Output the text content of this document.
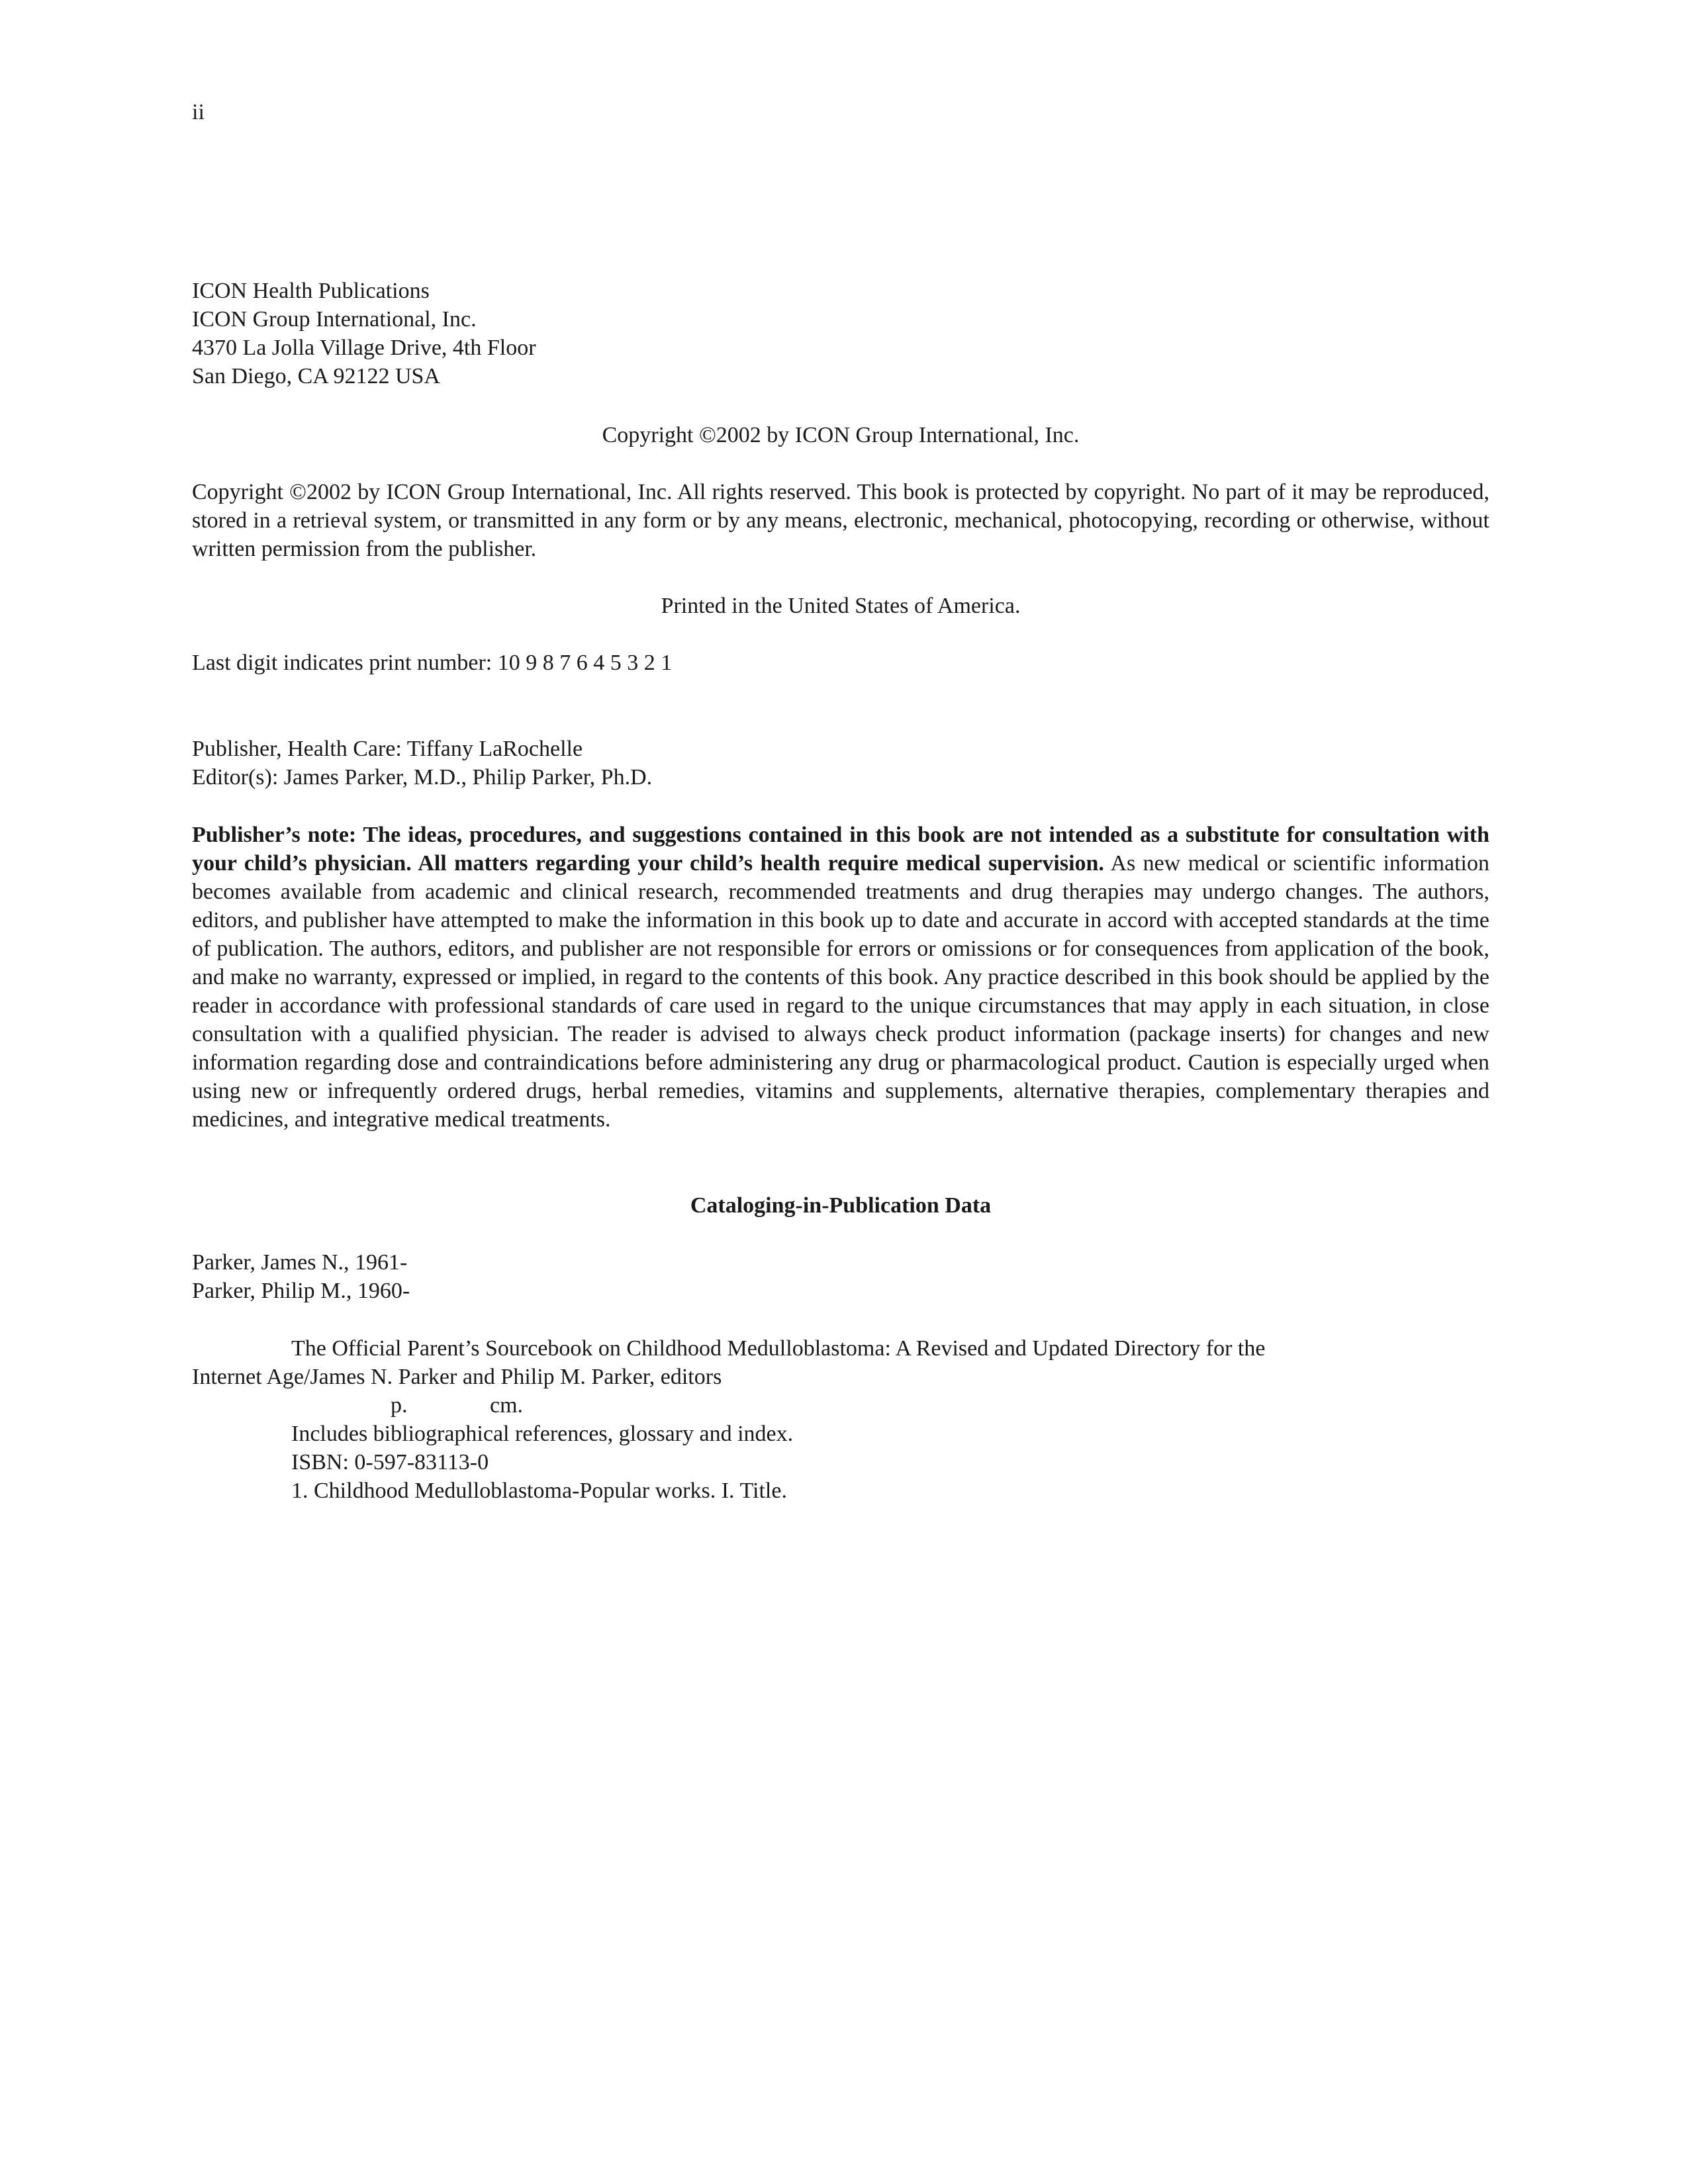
ii
ICON Health Publications
ICON Group International, Inc.
4370 La Jolla Village Drive, 4th Floor
San Diego, CA 92122 USA
Copyright ©2002 by ICON Group International, Inc.
Copyright ©2002 by ICON Group International, Inc. All rights reserved. This book is protected by copyright. No part of it may be reproduced, stored in a retrieval system, or transmitted in any form or by any means, electronic, mechanical, photocopying, recording or otherwise, without written permission from the publisher.
Printed in the United States of America.
Last digit indicates print number: 10 9 8 7 6 4 5 3 2 1
Publisher, Health Care: Tiffany LaRochelle
Editor(s): James Parker, M.D., Philip Parker, Ph.D.
Publisher’s note: The ideas, procedures, and suggestions contained in this book are not intended as a substitute for consultation with your child’s physician. All matters regarding your child’s health require medical supervision. As new medical or scientific information becomes available from academic and clinical research, recommended treatments and drug therapies may undergo changes. The authors, editors, and publisher have attempted to make the information in this book up to date and accurate in accord with accepted standards at the time of publication. The authors, editors, and publisher are not responsible for errors or omissions or for consequences from application of the book, and make no warranty, expressed or implied, in regard to the contents of this book. Any practice described in this book should be applied by the reader in accordance with professional standards of care used in regard to the unique circumstances that may apply in each situation, in close consultation with a qualified physician. The reader is advised to always check product information (package inserts) for changes and new information regarding dose and contraindications before administering any drug or pharmacological product. Caution is especially urged when using new or infrequently ordered drugs, herbal remedies, vitamins and supplements, alternative therapies, complementary therapies and medicines, and integrative medical treatments.
Cataloging-in-Publication Data
Parker, James N., 1961-
Parker, Philip M., 1960-
The Official Parent’s Sourcebook on Childhood Medulloblastoma: A Revised and Updated Directory for the
Internet Age/James N. Parker and Philip M. Parker, editors
p.	cm.
Includes bibliographical references, glossary and index.
ISBN: 0-597-83113-0
1. Childhood Medulloblastoma-Popular works. I. Title.
